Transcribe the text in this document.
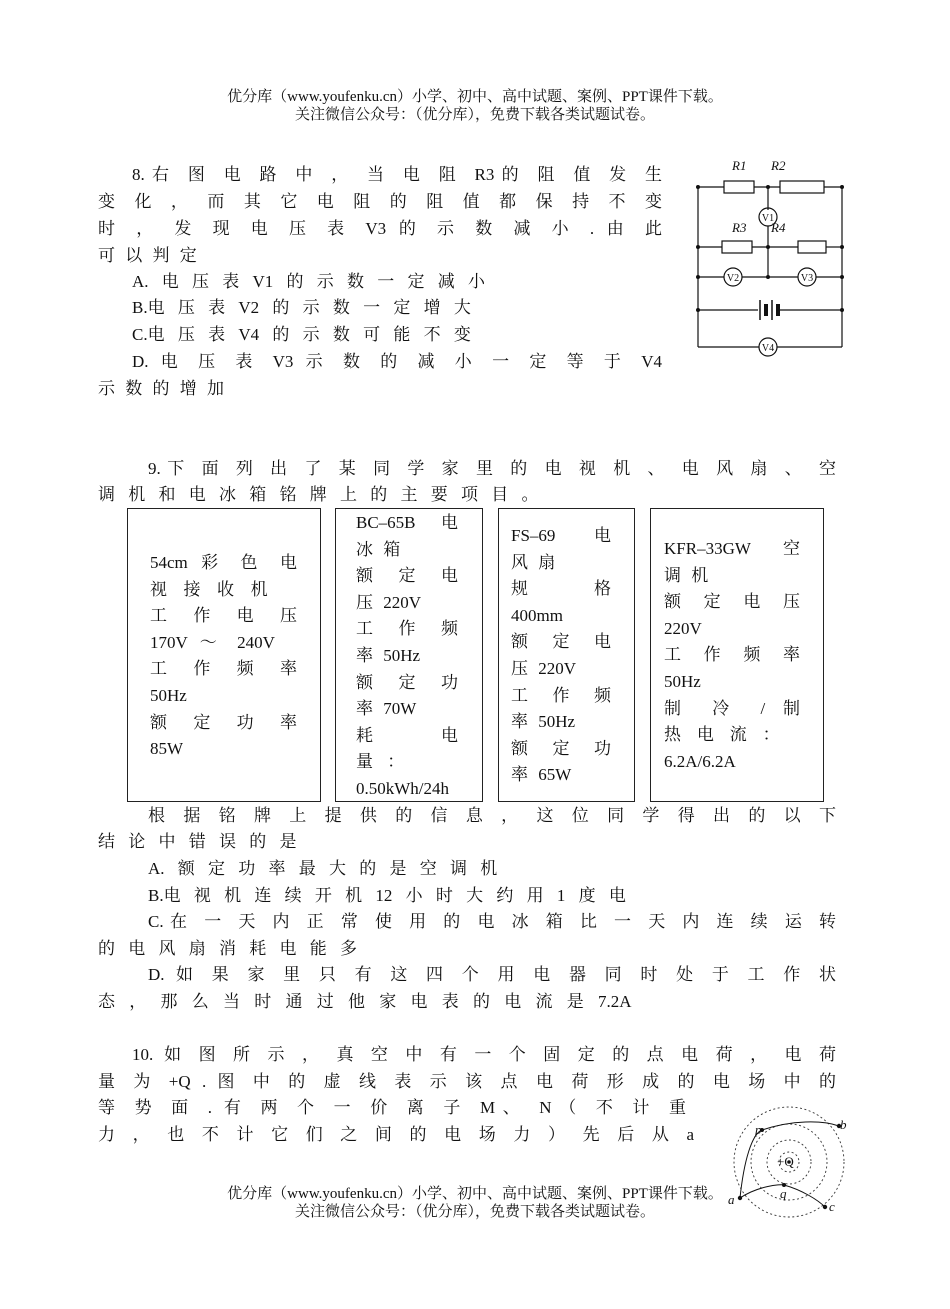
优分库（www.youfenku.cn）小学、初中、高中试题、案例、PPT课件下载。
关注微信公众号：（优分库），免费下载各类试题试卷。
8.右 图 电 路 中 ， 当 电 阻 R3的 阻 值 发 生
变 化 ， 而 其 它 电 阻 的 阻 值 都 保 持 不 变
时 ， 发 现 电 压 表 V3 的 示 数 减 小 . 由 此
可 以 判 定
A. 电 压 表 V1 的 示 数 一 定 减 小
B.电 压 表 V2 的 示 数 一 定 增 大
C.电 压 表 V4 的 示 数 可 能 不 变
D. 电 压 表 V3 示 数 的 减 小 一 定 等 于 V4
示 数 的 增 加
R1 R2
R3 R4
V1
V2	V3
V4
9.下 面 列 出 了 某 同 学 家 里 的 电 视 机 、 电 风 扇 、 空
调 机 和 电 冰 箱 铭 牌 上 的 主 要 项 目 。
54cm 彩 色 电
视 接 收 机
工 作 电 压
170V ～ 240V
工 作 频 率
50Hz
额 定 功 率
85W
BC–65B 电
冰 箱
额 定 电
压 220V
工 作 频
率 50Hz
额 定 功
率 70W
耗 电
量 ：
0.50kWh/24h
FS–69 电
风 扇
规 格
400mm
额 定 电
压 220V
工 作 频
率 50Hz
额 定 功
率 65W
KFR–33GW 空
调 机
额 定 电 压
220V
工 作 频 率
50Hz
制 冷 / 制
热 电 流 ：
6.2A/6.2A
根 据 铭 牌 上 提 供 的 信 息 ， 这 位 同 学 得 出 的 以 下
结 论 中 错 误 的 是
A. 额 定 功 率 最 大 的 是 空 调 机
B.电 视 机 连 续 开 机 12 小 时 大 约 用 1 度 电
C.在 一 天 内 正 常 使 用 的 电 冰 箱 比 一 天 内 连 续 运 转
的 电 风 扇 消 耗 电 能 多
D. 如 果 家 里 只 有 这 四 个 用 电 器 同 时 处 于 工 作 状
态 ， 那 么 当 时 通 过 他 家 电 表 的 电 流 是 7.2A
10. 如 图 所 示 ， 真 空 中 有 一 个 固 定 的 点 电 荷 ， 电 荷
量 为 +Q . 图 中 的 虚 线 表 示 该 点 电 荷 形 成 的 电 场 中 的
等 势 面 . 有 两 个 一 价 离 子 M、 N（ 不 计 重
力 ， 也 不 计 它 们 之 间 的 电 场 力 ） 先 后 从 a
+Q
a
b
c
p
q
优分库（www.youfenku.cn）小学、初中、高中试题、案例、PPT课件下载。
关注微信公众号：（优分库），免费下载各类试题试卷。
